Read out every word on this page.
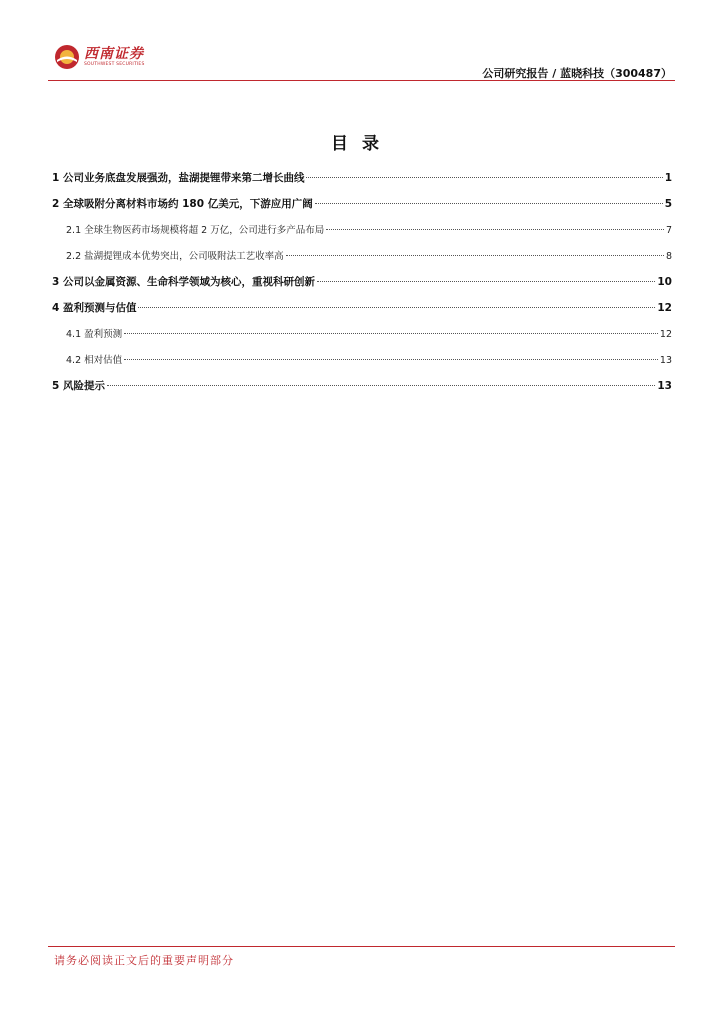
西南证券
SOUTHWEST SECURITIES
公司研究报告 / 蓝晓科技（300487）
目录
1 公司业务底盘发展强劲，盐湖提锂带来第二增长曲线	1
2 全球吸附分离材料市场约 180 亿美元，下游应用广阔	5
2.1 全球生物医药市场规模将超 2 万亿，公司进行多产品布局	7
2.2 盐湖提锂成本优势突出，公司吸附法工艺收率高	8
3 公司以金属资源、生命科学领域为核心，重视科研创新	10
4 盈利预测与估值	12
4.1 盈利预测	12
4.2 相对估值	13
5 风险提示	13
请务必阅读正文后的重要声明部分
